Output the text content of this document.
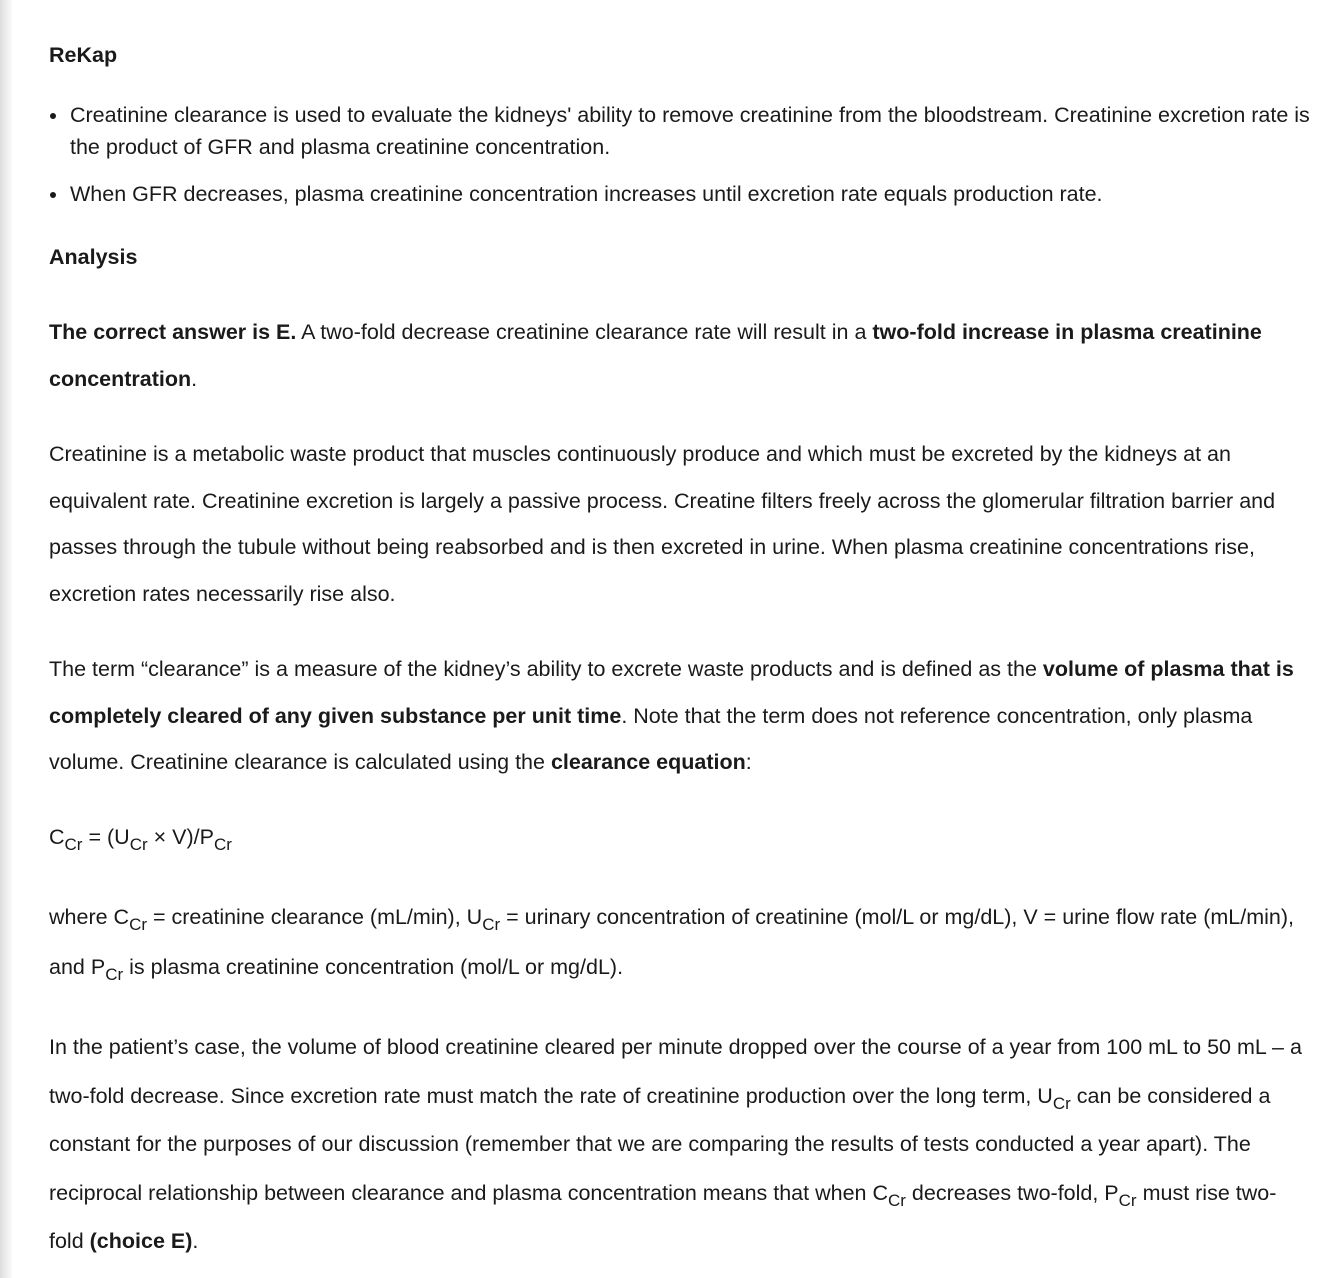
ReKap
Creatinine clearance is used to evaluate the kidneys' ability to remove creatinine from the bloodstream. Creatinine excretion rate is the product of GFR and plasma creatinine concentration.
When GFR decreases, plasma creatinine concentration increases until excretion rate equals production rate.
Analysis

The correct answer is E. A two-fold decrease creatinine clearance rate will result in a two-fold increase in plasma creatinine concentration.

Creatinine is a metabolic waste product that muscles continuously produce and which must be excreted by the kidneys at an equivalent rate. Creatinine excretion is largely a passive process. Creatine filters freely across the glomerular filtration barrier and passes through the tubule without being reabsorbed and is then excreted in urine. When plasma creatinine concentrations rise, excretion rates necessarily rise also.

The term “clearance” is a measure of the kidney’s ability to excrete waste products and is defined as the volume of plasma that is completely cleared of any given substance per unit time. Note that the term does not reference concentration, only plasma volume. Creatinine clearance is calculated using the clearance equation:

$C_{Cr} = (U_{Cr} \times V)/P_{Cr}$

where $C_{Cr}$ = creatinine clearance (mL/min), $U_{Cr}$ = urinary concentration of creatinine (mol/L or mg/dL), V = urine flow rate (mL/min), and $P_{Cr}$ is plasma creatinine concentration (mol/L or mg/dL).

In the patient’s case, the volume of blood creatinine cleared per minute dropped over the course of a year from 100 mL to 50 mL – a two-fold decrease. Since excretion rate must match the rate of creatinine production over the long term, $U_{Cr}$ can be considered a constant for the purposes of our discussion (remember that we are comparing the results of tests conducted a year apart). The reciprocal relationship between clearance and plasma concentration means that when $C_{Cr}$ decreases two-fold, $P_{Cr}$ must rise two-fold (choice E).
